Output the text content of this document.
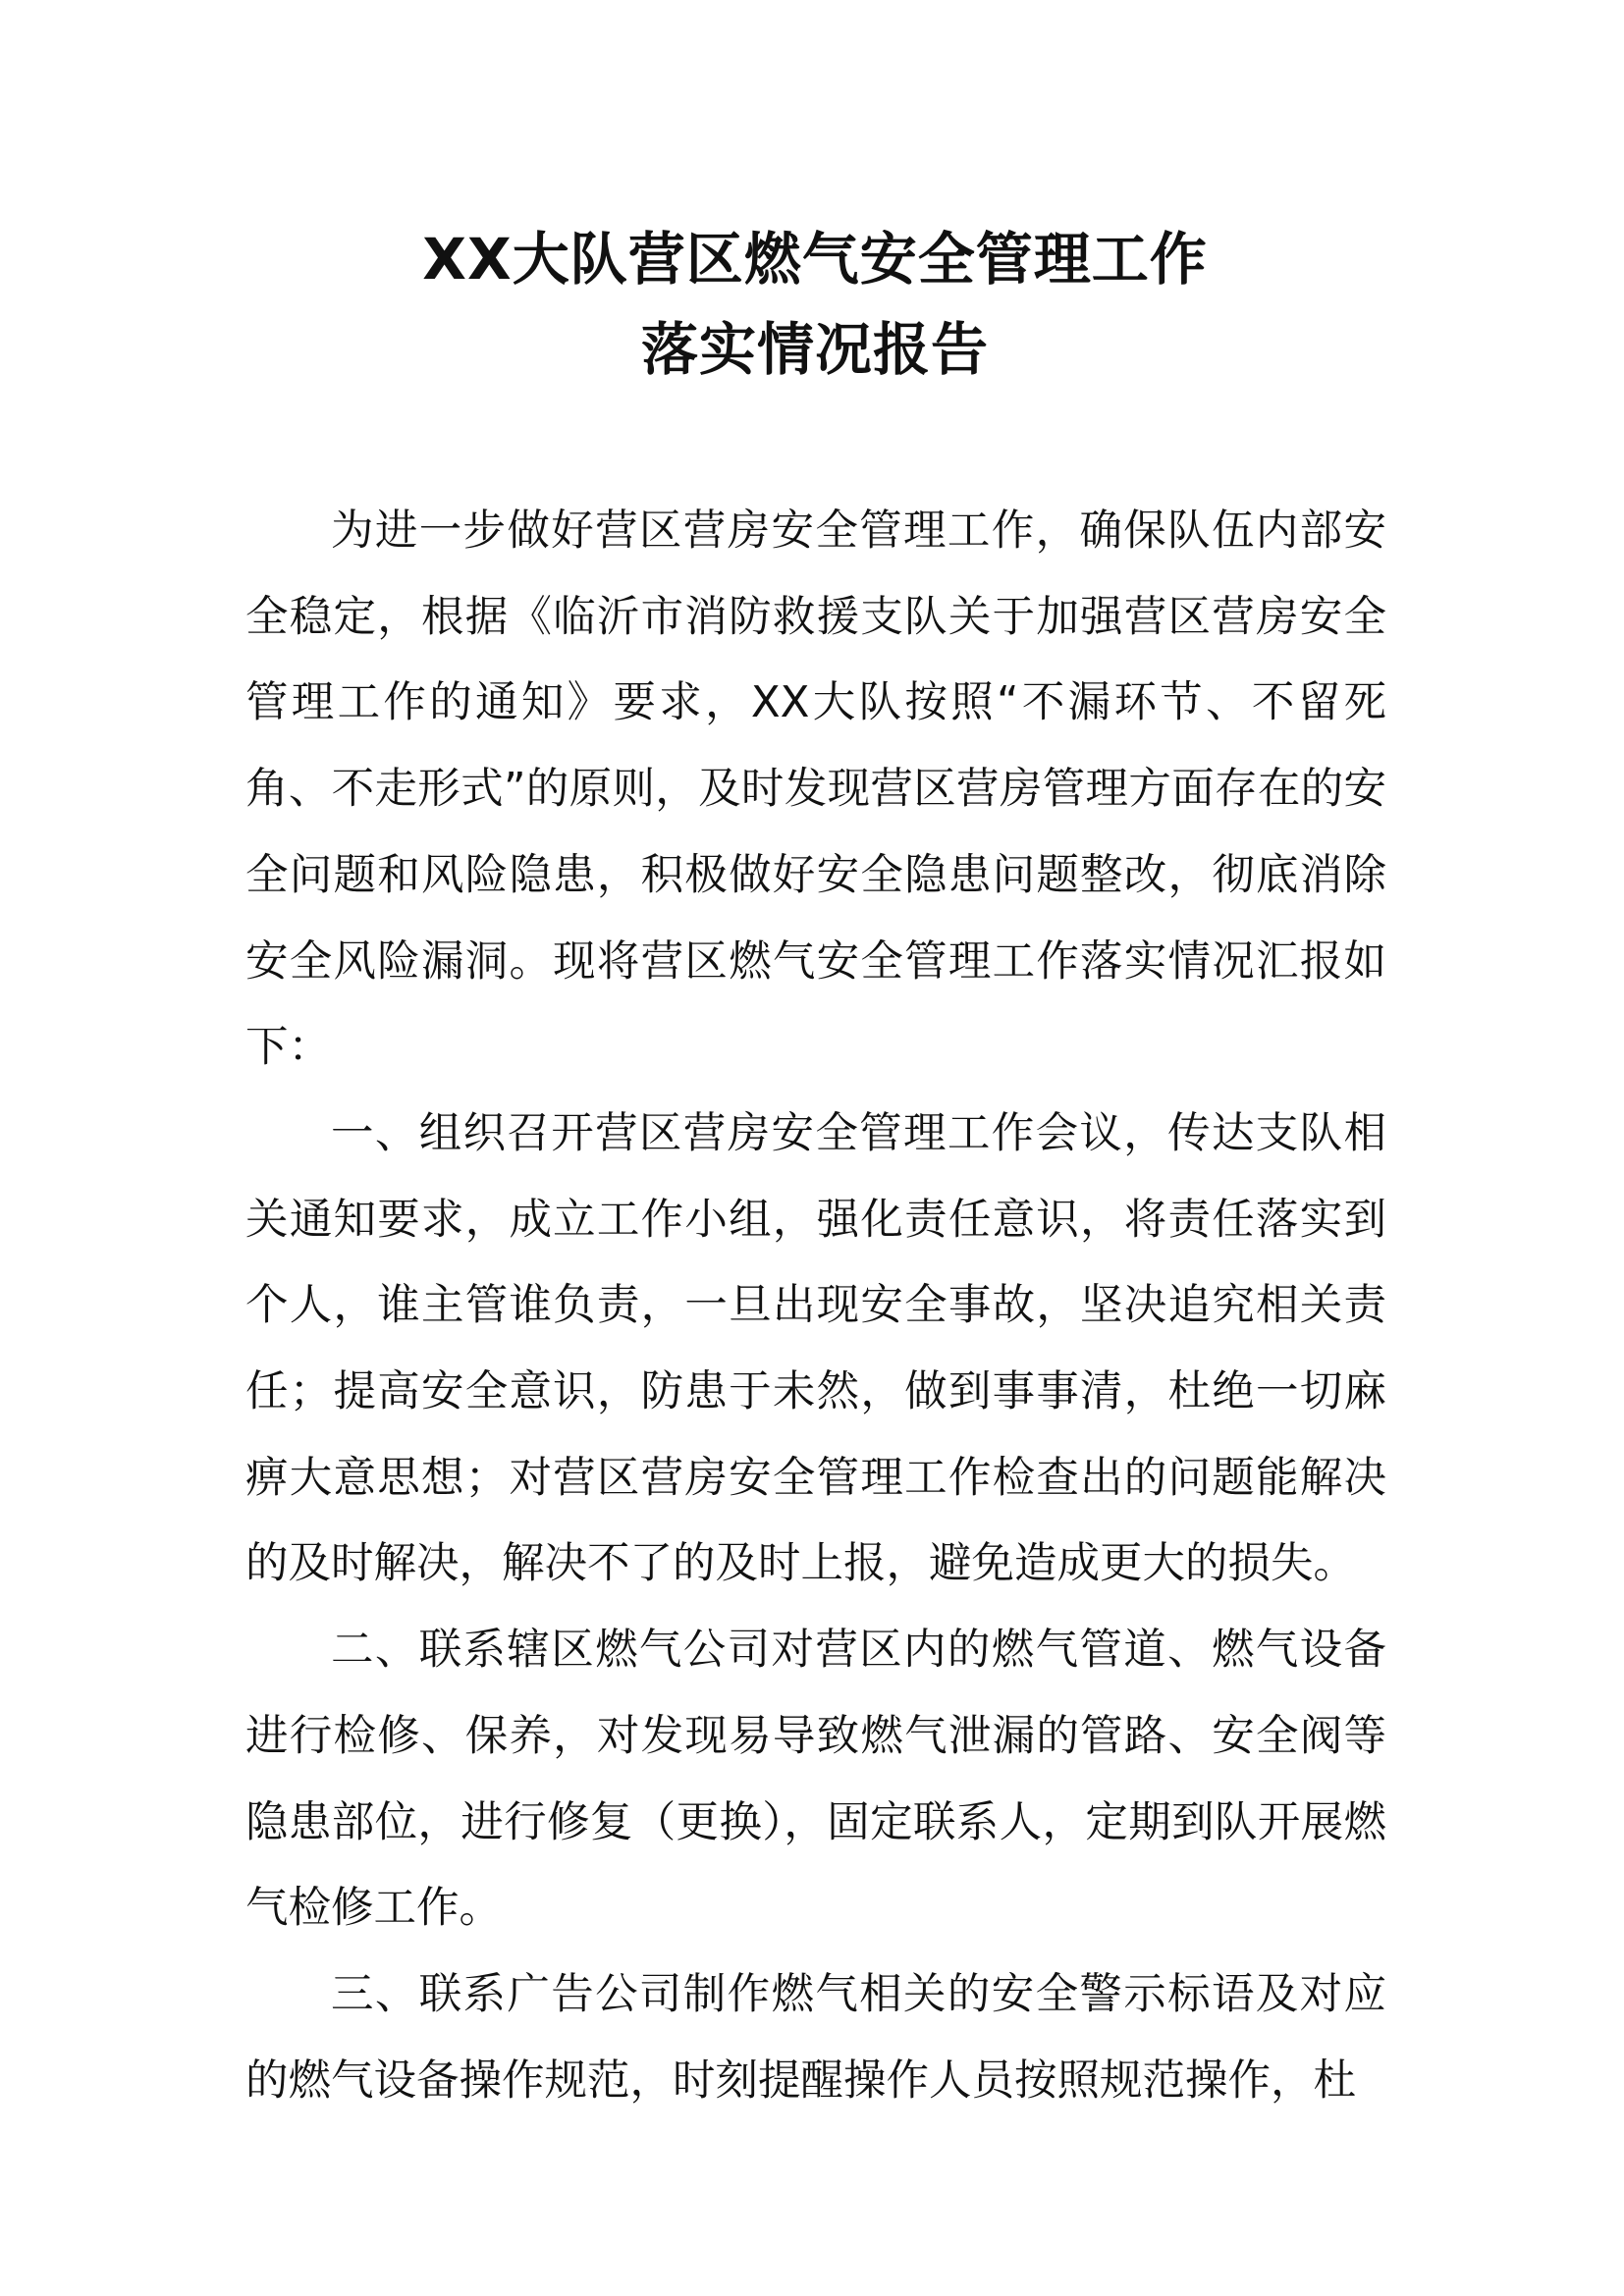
XX大队营区燃气安全管理工作
落实情况报告

为进一步做好营区营房安全管理工作，确保队伍内部安全稳定，根据《临沂市消防救援支队关于加强营区营房安全管理工作的通知》要求，XX大队按照“不漏环节、不留死角、不走形式”的原则，及时发现营区营房管理方面存在的安全问题和风险隐患，积极做好安全隐患问题整改，彻底消除安全风险漏洞。现将营区燃气安全管理工作落实情况汇报如下：

一、组织召开营区营房安全管理工作会议，传达支队相关通知要求，成立工作小组，强化责任意识，将责任落实到个人，谁主管谁负责，一旦出现安全事故，坚决追究相关责任；提高安全意识，防患于未然，做到事事清，杜绝一切麻痹大意思想；对营区营房安全管理工作检查出的问题能解决的及时解决，解决不了的及时上报，避免造成更大的损失。

二、联系辖区燃气公司对营区内的燃气管道、燃气设备进行检修、保养，对发现易导致燃气泄漏的管路、安全阀等隐患部位，进行修复（更换），固定联系人，定期到队开展燃气检修工作。

三、联系广告公司制作燃气相关的安全警示标语及对应的燃气设备操作规范，时刻提醒操作人员按照规范操作，杜
